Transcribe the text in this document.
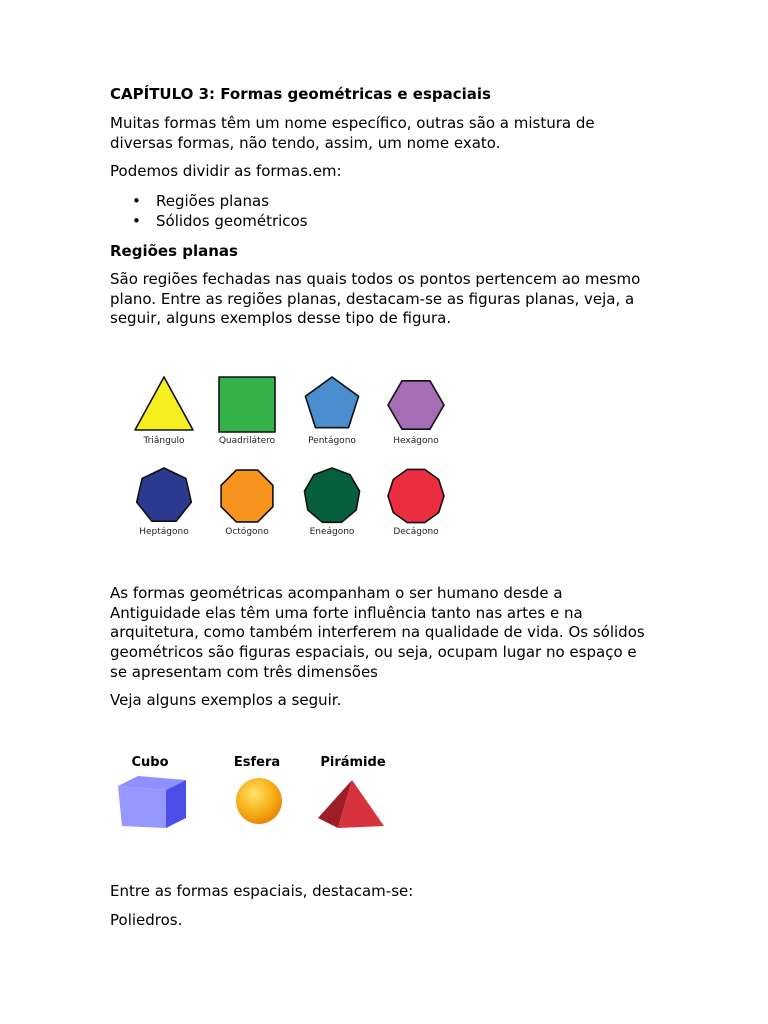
CAPÍTULO 3: Formas geométricas e espaciais

Muitas formas têm um nome específico, outras são a mistura de diversas formas, não tendo, assim, um nome exato.

Podemos dividir as formas.em:

• Regiões planas
• Sólidos geométricos
Regiões planas

São regiões fechadas nas quais todos os pontos pertencem ao mesmo plano. Entre as regiões planas, destacam-se as figuras planas, veja, a seguir, alguns exemplos desse tipo de figura.

Triângulo	Quadrilátero	Pentágono	Hexágono
Heptágono	Octógono	Eneágono	Decágono

As formas geométricas acompanham o ser humano desde a Antiguidade elas têm uma forte influência tanto nas artes e na arquitetura, como também interferem na qualidade de vida. Os sólidos geométricos são figuras espaciais, ou seja, ocupam lugar no espaço e se apresentam com três dimensões

Veja alguns exemplos a seguir.

Cubo	Esfera	Pirámide

Entre as formas espaciais, destacam-se:

Poliedros.
